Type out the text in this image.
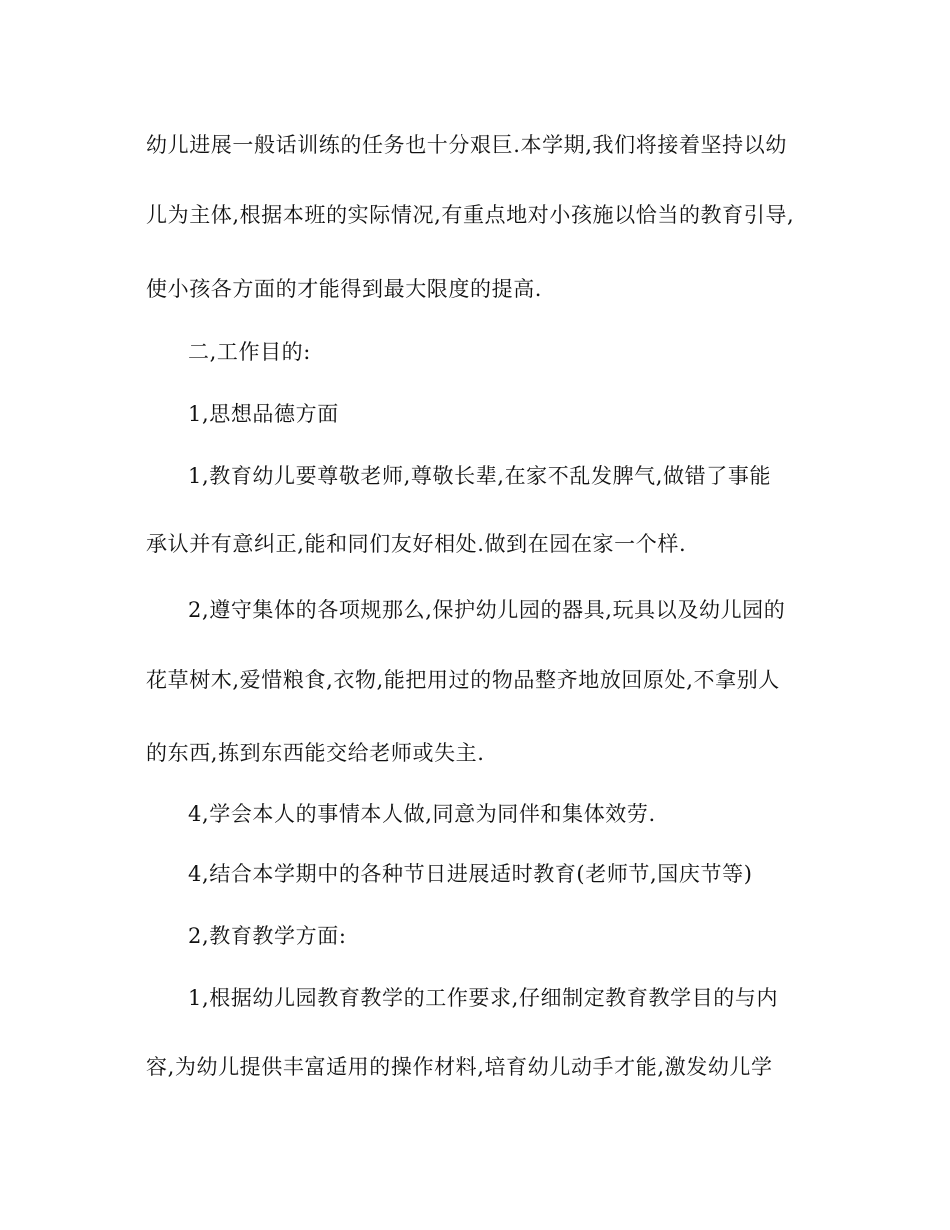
幼儿进展一般话训练的任务也十分艰巨.本学期,我们将接着坚持以幼

儿为主体,根据本班的实际情况,有重点地对小孩施以恰当的教育引导,

使小孩各方面的才能得到最大限度的提高.

二,工作目的:

1,思想品德方面

1,教育幼儿要尊敬老师,尊敬长辈,在家不乱发脾气,做错了事能

承认并有意纠正,能和同们友好相处.做到在园在家一个样.

2,遵守集体的各项规那么,保护幼儿园的器具,玩具以及幼儿园的

花草树木,爱惜粮食,衣物,能把用过的物品整齐地放回原处,不拿别人

的东西,拣到东西能交给老师或失主.

4,学会本人的事情本人做,同意为同伴和集体效劳.

4,结合本学期中的各种节日进展适时教育(老师节,国庆节等)

2,教育教学方面:

1,根据幼儿园教育教学的工作要求,仔细制定教育教学目的与内

容,为幼儿提供丰富适用的操作材料,培育幼儿动手才能,激发幼儿学
